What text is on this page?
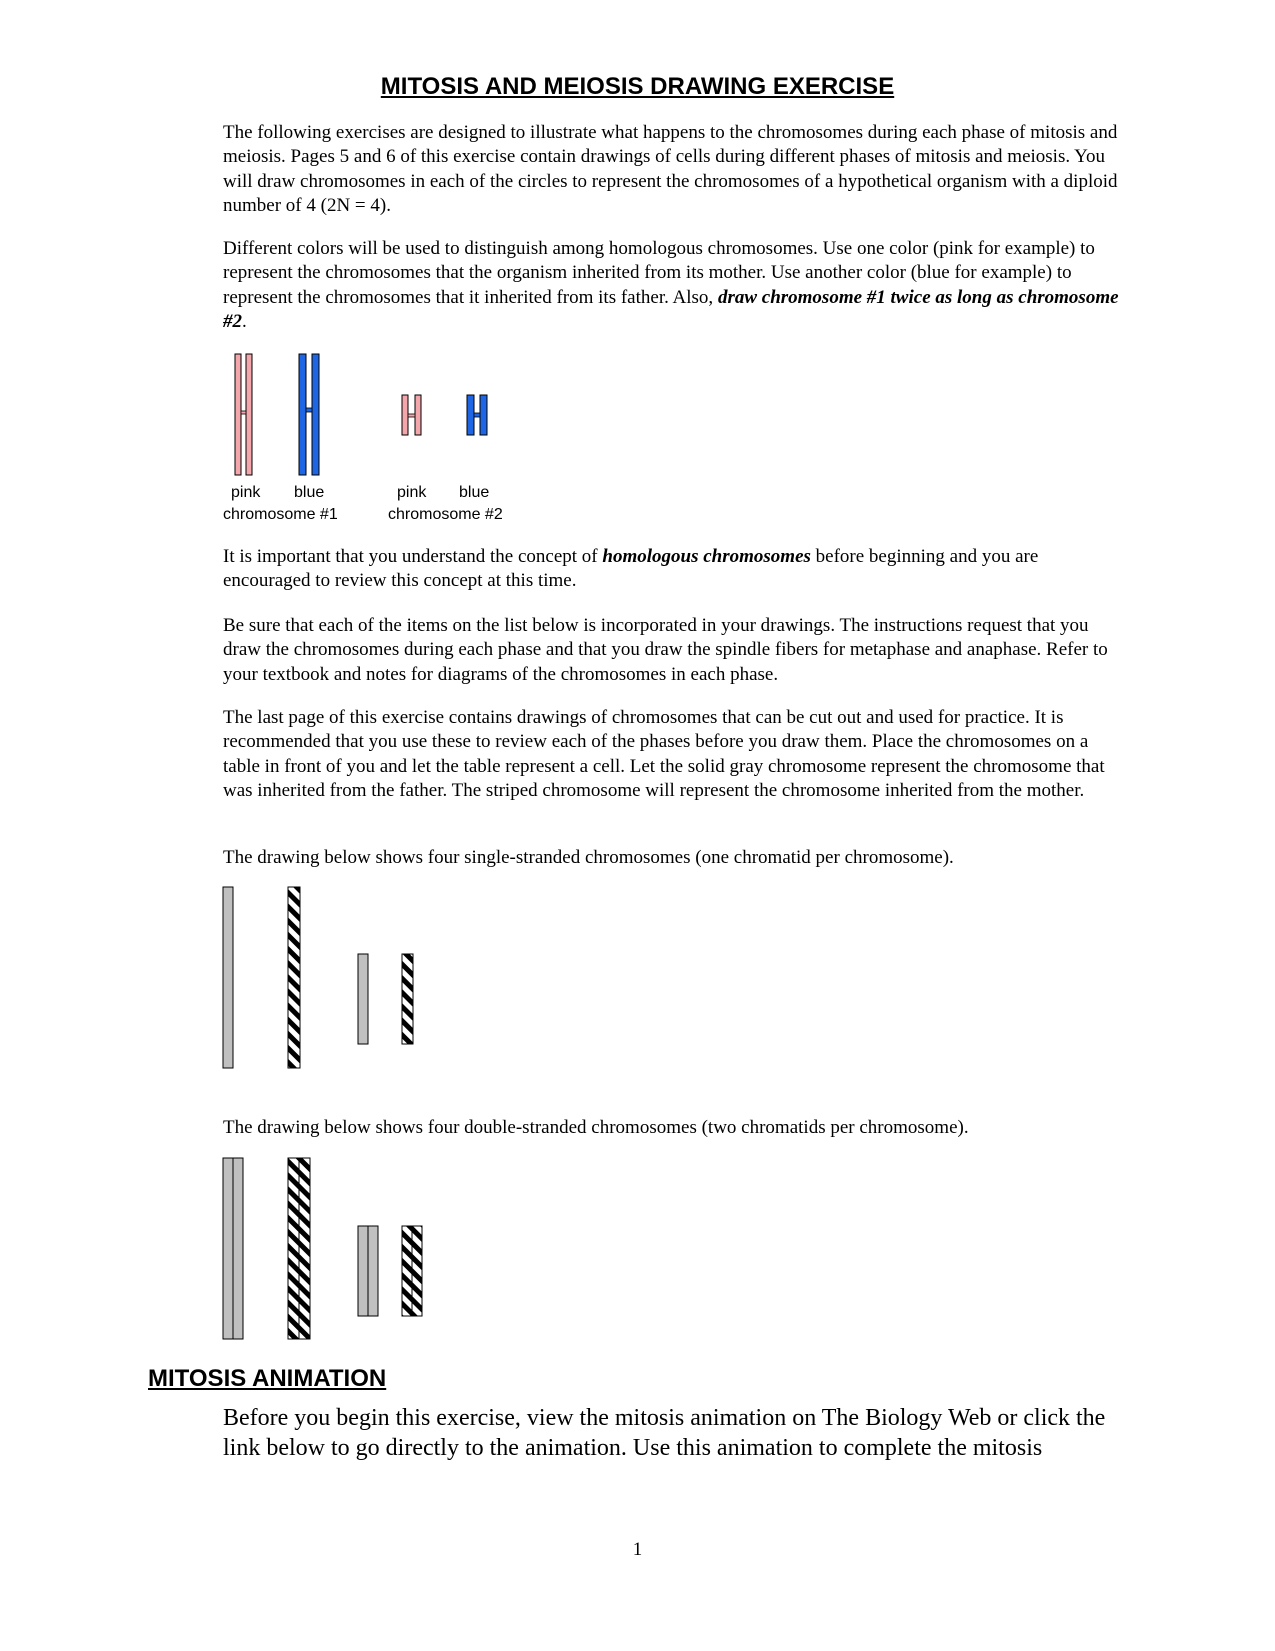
MITOSIS AND MEIOSIS DRAWING EXERCISE

The following exercises are designed to illustrate what happens to the chromosomes during each phase of mitosis and meiosis. Pages 5 and 6 of this exercise contain drawings of cells during different phases of mitosis and meiosis. You will draw chromosomes in each of the circles to represent the chromosomes of a hypothetical organism with a diploid number of 4 (2N = 4).

Different colors will be used to distinguish among homologous chromosomes. Use one color (pink for example) to represent the chromosomes that the organism inherited from its mother. Use another color (blue for example) to represent the chromosomes that it inherited from its father. Also, draw chromosome #1 twice as long as chromosome #2.

pink blue
chromosome #1
pink blue
chromosome #2

It is important that you understand the concept of homologous chromosomes before beginning and you are encouraged to review this concept at this time.

Be sure that each of the items on the list below is incorporated in your drawings. The instructions request that you draw the chromosomes during each phase and that you draw the spindle fibers for metaphase and anaphase. Refer to your textbook and notes for diagrams of the chromosomes in each phase.

The last page of this exercise contains drawings of chromosomes that can be cut out and used for practice. It is recommended that you use these to review each of the phases before you draw them. Place the chromosomes on a table in front of you and let the table represent a cell. Let the solid gray chromosome represent the chromosome that was inherited from the father. The striped chromosome will represent the chromosome inherited from the mother.

The drawing below shows four single-stranded chromosomes (one chromatid per chromosome).

The drawing below shows four double-stranded chromosomes (two chromatids per chromosome).

MITOSIS ANIMATION

Before you begin this exercise, view the mitosis animation on The Biology Web or click the link below to go directly to the animation. Use this animation to complete the mitosis

1
